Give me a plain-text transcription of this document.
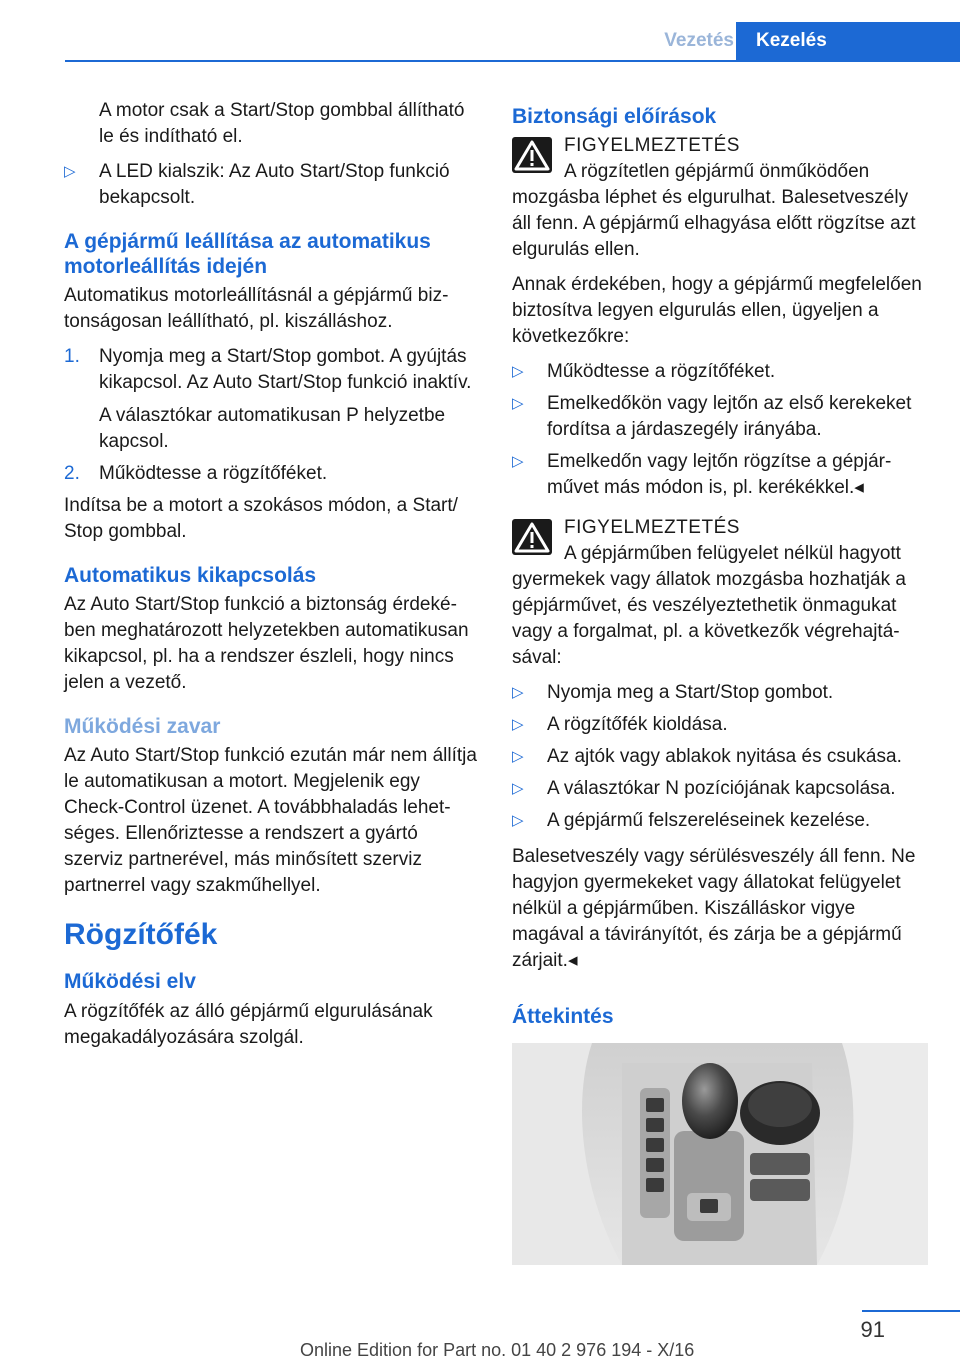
Vezetés	Kezelés

A motor csak a Start/Stop gombbal állítható le és indítható el.

▷ A LED kialszik: Az Auto Start/Stop funkció bekapcsolt.
A gépjármű leállítása az automatikus motorleállítás idején

Automatikus motorleállításnál a gépjármű biztonságosan leállítható, pl. kiszálláshoz.

1. Nyomja meg a Start/Stop gombot. A gyújtás kikapcsol. Az Auto Start/Stop funkció inaktív.
A választókar automatikusan P helyzetbe kapcsol.
2. Működtesse a rögzítőféket.

Indítsa be a motort a szokásos módon, a Start/ Stop gombbal.

Automatikus kikapcsolás

Az Auto Start/Stop funkció a biztonság érdekében meghatározott helyzetekben automatikusan kikapcsol, pl. ha a rendszer észleli, hogy nincs jelen a vezető.

Működési zavar

Az Auto Start/Stop funkció ezután már nem állítja le automatikusan a motort. Megjelenik egy Check-Control üzenet. A továbbhaladás lehetséges. Ellenőriztesse a rendszert a gyártó szerviz partnerével, más minősített szerviz partnerrel vagy szakműhellyel.

Rögzítőfék
Működési elv

A rögzítőfék az álló gépjármű elgurulásának megakadályozására szolgál.

Biztonsági előírások
FIGYELMEZTETÉS
A rögzítetlen gépjármű önműködően
mozgásba léphet és elgurulhat. Balesetveszély áll fenn. A gépjármű elhagyása előtt rögzítse azt elgurulás ellen.

Annak érdekében, hogy a gépjármű megfelelően biztosítva legyen elgurulás ellen, ügyeljen a következőkre:

▷ Működtesse a rögzítőféket.
▷ Emelkedőkön vagy lejtőn az első kerekeket fordítsa a járdaszegély irányába.
▷ Emelkedőn vagy lejtőn rögzítse a gépjárművet más módon is, pl. kerékékkel.◂
FIGYELMEZTETÉS
A gépjárműben felügyelet nélkül hagyott
gyermekek vagy állatok mozgásba hozhatják a gépjárművet, és veszélyeztethetik önmagukat vagy a forgalmat, pl. a következők végrehajtásával:
▷ Nyomja meg a Start/Stop gombot.
▷ A rögzítőfék kioldása.
▷ Az ajtók vagy ablakok nyitása és csukása.
▷ A választókar N pozíciójának kapcsolása.
▷ A gépjármű felszereléseinek kezelése.

Balesetveszély vagy sérülésveszély áll fenn. Ne hagyjon gyermekeket vagy állatokat felügyelet nélkül a gépjárműben. Kiszálláskor vigye magával a távirányítót, és zárja be a gépjármű zárjait.◂

Áttekintés
91
Online Edition for Part no. 01 40 2 976 194 - X/16
